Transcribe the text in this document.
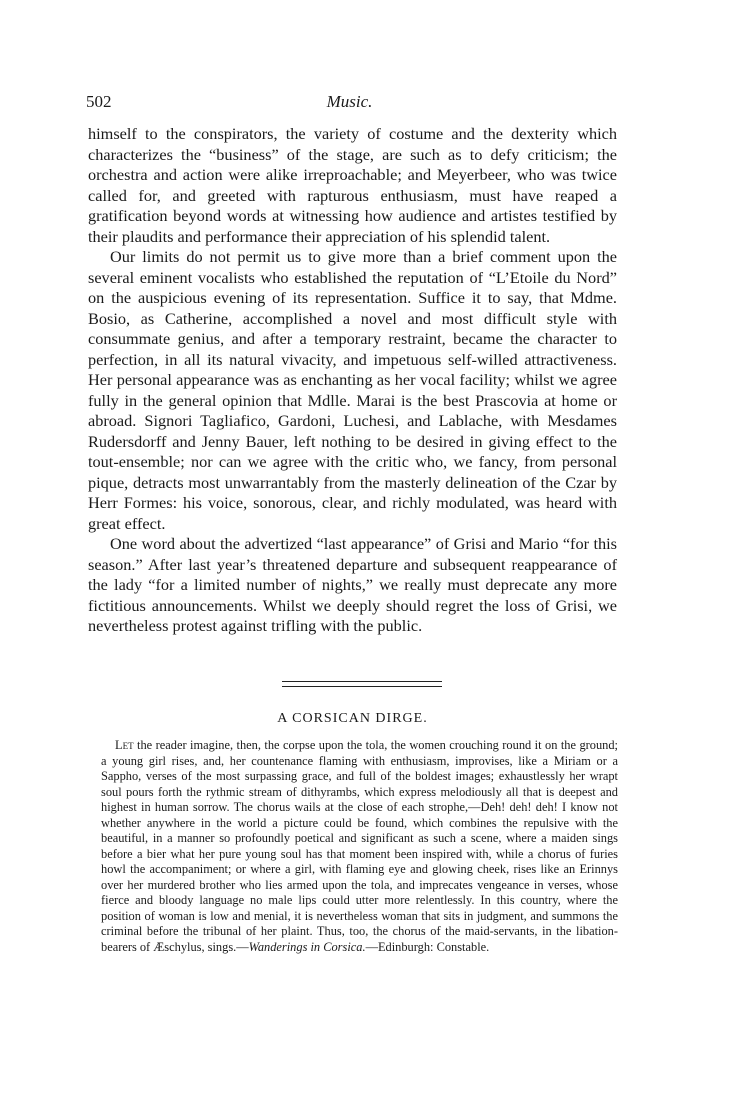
502	Music.

himself to the conspirators, the variety of costume and the dexterity which characterizes the “business” of the stage, are such as to defy criticism; the orchestra and action were alike irreproachable; and Meyerbeer, who was twice called for, and greeted with rapturous enthusiasm, must have reaped a gratification beyond words at witnessing how audience and artistes testified by their plaudits and performance their appreciation of his splendid talent.

Our limits do not permit us to give more than a brief comment upon the several eminent vocalists who established the reputation of “L’Etoile du Nord” on the auspicious evening of its representation. Suffice it to say, that Mdme. Bosio, as Catherine, accomplished a novel and most difficult style with consummate genius, and after a temporary restraint, became the character to perfection, in all its natural vivacity, and impetuous self-willed attractiveness. Her personal appearance was as enchanting as her vocal facility; whilst we agree fully in the general opinion that Mdlle. Marai is the best Prascovia at home or abroad. Signori Tagliafico, Gardoni, Luchesi, and Lablache, with Mesdames Rudersdorff and Jenny Bauer, left nothing to be desired in giving effect to the tout-ensemble; nor can we agree with the critic who, we fancy, from personal pique, detracts most unwarrantably from the masterly delineation of the Czar by Herr Formes: his voice, sonorous, clear, and richly modulated, was heard with great effect.

One word about the advertized “last appearance” of Grisi and Mario “for this season.” After last year’s threatened departure and subsequent reappearance of the lady “for a limited number of nights,” we really must deprecate any more fictitious announcements. Whilst we deeply should regret the loss of Grisi, we nevertheless protest against trifling with the public.

A CORSICAN DIRGE.

Let the reader imagine, then, the corpse upon the tola, the women crouching round it on the ground; a young girl rises, and, her countenance flaming with enthusiasm, improvises, like a Miriam or a Sappho, verses of the most surpassing grace, and full of the boldest images; exhaustlessly her wrapt soul pours forth the rythmic stream of dithyrambs, which express melodiously all that is deepest and highest in human sorrow. The chorus wails at the close of each strophe,—Deh! deh! deh! I know not whether anywhere in the world a picture could be found, which combines the repulsive with the beautiful, in a manner so profoundly poetical and significant as such a scene, where a maiden sings before a bier what her pure young soul has that moment been inspired with, while a chorus of furies howl the accompaniment; or where a girl, with flaming eye and glowing cheek, rises like an Erinnys over her murdered brother who lies armed upon the tola, and imprecates vengeance in verses, whose fierce and bloody language no male lips could utter more relentlessly. In this country, where the position of woman is low and menial, it is nevertheless woman that sits in judgment, and summons the criminal before the tribunal of her plaint. Thus, too, the chorus of the maid-servants, in the libation-bearers of Æschylus, sings.—Wanderings in Corsica.—Edinburgh: Constable.
